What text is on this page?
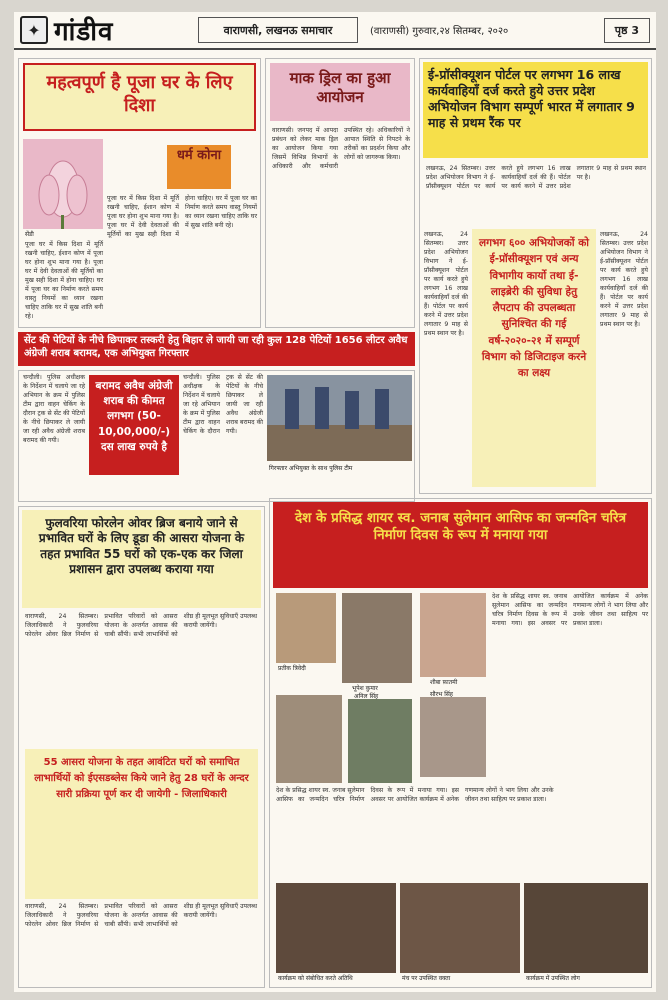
✦ गांडीव	वाराणसी, लखनऊ समाचार	(वाराणसी) गुरुवार,२४ सितम्बर, २०२०	पृष्ठ 3
महत्वपूर्ण है पूजा घर के लिए दिशा
सेंडी
धर्म कोना
पूजा घर में किस दिशा में मूर्ति रखनी चाहिए, ईशान कोण में पूजा घर होना शुभ माना गया है। पूजा घर में देवी देवताओं की मूर्तियों का मुख सही दिशा में होना चाहिए। घर में पूजा घर का निर्माण करते समय वास्तु नियमों का ध्यान रखना चाहिए ताकि घर में सुख शांति बनी रहे।
पूजा घर में किस दिशा में मूर्ति रखनी चाहिए, ईशान कोण में पूजा घर होना शुभ माना गया है। पूजा घर में देवी देवताओं की मूर्तियों का मुख सही दिशा में होना चाहिए। घर में पूजा घर का निर्माण करते समय वास्तु नियमों का ध्यान रखना चाहिए ताकि घर में सुख शांति बनी रहे।
माक ड्रिल का हुआ आयोजन
वाराणसी। जनपद में आपदा प्रबंधन को लेकर माक ड्रिल का आयोजन किया गया जिसमें विभिन्न विभागों के अधिकारी और कर्मचारी उपस्थित रहे। अधिकारियों ने आपात स्थिति से निपटने के तरीकों का प्रदर्शन किया और लोगों को जागरूक किया।
ई-प्रॉसीक्यूशन पोर्टल पर लगभग 16 लाख कार्यवाहियाँ दर्ज करते हुये उत्तर प्रदेश अभियोजन विभाग सम्पूर्ण भारत में लगातार 9 माह से प्रथम रैंक पर
लखनऊ, 24 सितम्बर। उत्तर प्रदेश अभियोजन विभाग ने ई-प्रॉसीक्यूशन पोर्टल पर कार्य करते हुये लगभग 16 लाख कार्यवाहियाँ दर्ज की हैं। पोर्टल पर कार्य करने में उत्तर प्रदेश लगातार 9 माह से प्रथम स्थान पर है।
लगभग ६०० अभियोजकों को ई-प्रॉसीक्यूशन एवं अन्य विभागीय कार्यो तथा ई-लाइब्रेरी की सुविधा हेतु लैपटाप की उपलब्धता सुनिश्चित की गई वर्ष-२०२०-२१ में सम्पूर्ण विभाग को डिजिटाइज करने का लक्ष्य
लखनऊ, 24 सितम्बर। उत्तर प्रदेश अभियोजन विभाग ने ई-प्रॉसीक्यूशन पोर्टल पर कार्य करते हुये लगभग 16 लाख कार्यवाहियाँ दर्ज की हैं। पोर्टल पर कार्य करने में उत्तर प्रदेश लगातार 9 माह से प्रथम स्थान पर है।
लखनऊ, 24 सितम्बर। उत्तर प्रदेश अभियोजन विभाग ने ई-प्रॉसीक्यूशन पोर्टल पर कार्य करते हुये लगभग 16 लाख कार्यवाहियाँ दर्ज की हैं। पोर्टल पर कार्य करने में उत्तर प्रदेश लगातार 9 माह से प्रथम स्थान पर है।
सेंट की पेटियों के नीचे छिपाकर तस्करी हेतु बिहार ले जायी जा रही कुल 128 पेटियों 1656 लीटर अवैध अंग्रेजी शराब बरामद, एक अभियुक्त गिरफ्तार
चन्दौली। पुलिस अधीक्षक के निर्देशन में चलाये जा रहे अभियान के क्रम में पुलिस टीम द्वारा वाहन चेकिंग के दौरान ट्रक से सेंट की पेटियों के नीचे छिपाकर ले जायी जा रही अवैध अंग्रेजी शराब बरामद की गयी।
बरामद अवैध अंग्रेजी शराब की कीमत लगभग (50-10,00,000/-) दस लाख रुपये है
चन्दौली। पुलिस अधीक्षक के निर्देशन में चलाये जा रहे अभियान के क्रम में पुलिस टीम द्वारा वाहन चेकिंग के दौरान ट्रक से सेंट की पेटियों के नीचे छिपाकर ले जायी जा रही अवैध अंग्रेजी शराब बरामद की गयी।
गिरफ्तार अभियुक्त के साथ पुलिस टीम
फुलवरिया फोरलेन ओवर ब्रिज बनाये जाने से प्रभावित घरों के लिए डूडा की आसरा योजना के तहत प्रभावित 55 घरों को एक-एक कर जिला प्रशासन द्वारा उपलब्ध कराया गया
वाराणसी, 24 सितम्बर। जिलाधिकारी ने फुलवरिया फोरलेन ओवर ब्रिज निर्माण से प्रभावित परिवारों को आसरा योजना के अन्तर्गत आवास की चाबी सौंपी। सभी लाभार्थियों को शीघ्र ही मूलभूत सुविधाएँ उपलब्ध करायी जायेंगी।
55 आसरा योजना के तहत आवंटित घरों को समाचित लाभार्थियों को ईएसडब्लेस किये जाने हेतु 28 घरों के अन्दर सारी प्रक्रिया पूर्ण कर दी जायेगी - जिलाधिकारी
वाराणसी, 24 सितम्बर। जिलाधिकारी ने फुलवरिया फोरलेन ओवर ब्रिज निर्माण से प्रभावित परिवारों को आसरा योजना के अन्तर्गत आवास की चाबी सौंपी। सभी लाभार्थियों को शीघ्र ही मूलभूत सुविधाएँ उपलब्ध करायी जायेंगी।
देश के प्रसिद्ध शायर स्व. जनाब सुलेमान आसिफ का जन्मदिन चरित्र निर्माण दिवस के रूप में मनाया गया
प्रतीक त्रिवेदी
भूपेश कुमार
शीबा फ़ातमी
अनिल सिंह	सौरभ सिंह
देश के प्रसिद्ध शायर स्व. जनाब सुलेमान आसिफ का जन्मदिन चरित्र निर्माण दिवस के रूप में मनाया गया। इस अवसर पर आयोजित कार्यक्रम में अनेक गणमान्य लोगों ने भाग लिया और उनके जीवन तथा साहित्य पर प्रकाश डाला।
देश के प्रसिद्ध शायर स्व. जनाब सुलेमान आसिफ का जन्मदिन चरित्र निर्माण दिवस के रूप में मनाया गया। इस अवसर पर आयोजित कार्यक्रम में अनेक गणमान्य लोगों ने भाग लिया और उनके जीवन तथा साहित्य पर प्रकाश डाला।
कार्यक्रम को संबोधित करते अतिथि	मंच पर उपस्थित वक्ता	कार्यक्रम में उपस्थित लोग
